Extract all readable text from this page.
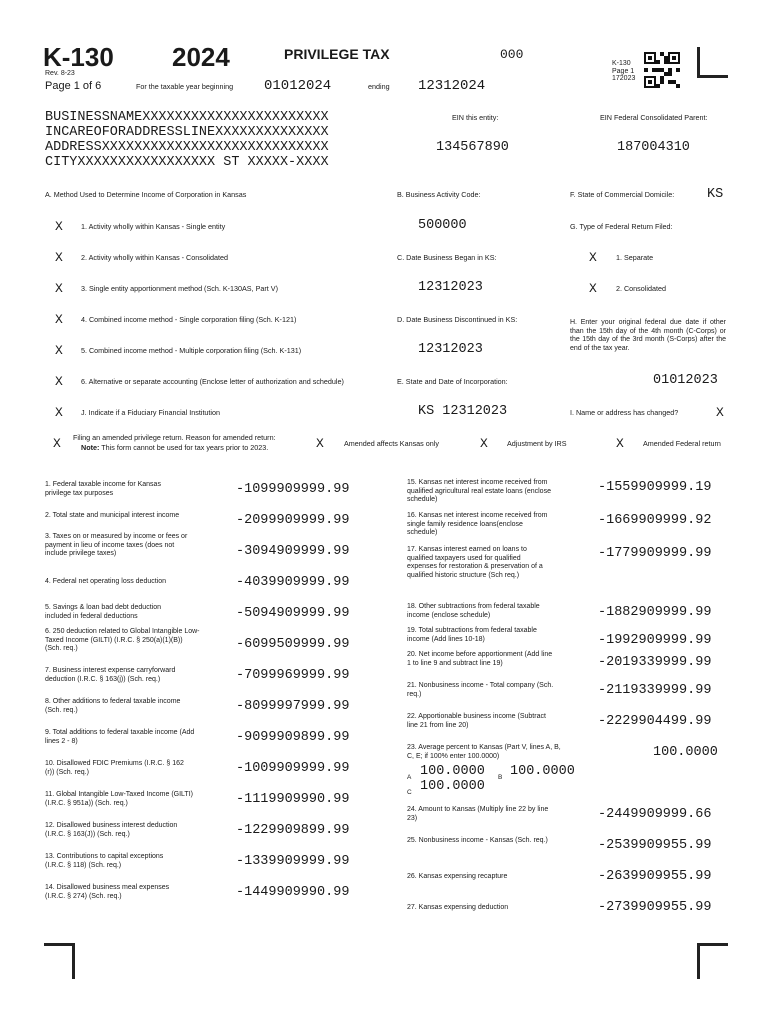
K-130
Rev. 8-23
Page 1 of 6
2024	PRIVILEGE TAX	000
For the taxable year beginning 01012024	ending 12312024
K-130
Page 1
172023
BUSINESSNAMEXXXXXXXXXXXXXXXXXXXXXXX
INCAREOFORADDRESSLINEXXXXXXXXXXXXXX
ADDRESSXXXXXXXXXXXXXXXXXXXXXXXXXXXX
CITYXXXXXXXXXXXXXXXXX ST XXXXX-XXXX
EIN this entity:
134567890
EIN Federal Consolidated Parent:
187004310
A. Method Used to Determine Income of Corporation in Kansas
X	1. Activity wholly within Kansas - Single entity
X	2. Activity wholly within Kansas - Consolidated
X	3. Single entity apportionment method (Sch. K-130AS, Part V)
X	4. Combined income method - Single corporation filing (Sch. K-121)
X	5. Combined income method - Multiple corporation filing (Sch. K-131)
X	6. Alternative or separate accounting (Enclose letter of authorization and schedule)
X	J. Indicate if a Fiduciary Financial Institution
B. Business Activity Code:
500000
C. Date Business Began in KS:
12312023
D. Date Business Discontinued in KS:
12312023
E. State and Date of Incorporation:
KS 12312023
F. State of Commercial Domicile: KS
G. Type of Federal Return Filed:
X	1. Separate
X	2. Consolidated
H. Enter your original federal due date if other than the 15th day of the 4th month (C-Corps) or the 15th day of the 3rd month (S-Corps) after the end of the tax year.
01012023
I. Name or address has changed?	X
X Filing an amended privilege return. Reason for amended return:
Note: This form cannot be used for tax years prior to 2023.	X	Amended affects Kansas only	X	Adjustment by IRS	X	Amended Federal return
1. Federal taxable income for Kansas privilege tax purposes	-1099909999.99
2. Total state and municipal interest income	-2099909999.99
3. Taxes on or measured by income or fees or payment in lieu of income taxes (does not include privilege taxes)	-3094909999.99
4. Federal net operating loss deduction	-4039909999.99
5. Savings & loan bad debt deduction included in federal deductions	-5094909999.99
6. 250 deduction related to Global Intangible Low-Taxed Income (GILTI) (I.R.C. § 250(a)(1)(B)) (Sch. req.)	-6099509999.99
7. Business interest expense carryforward deduction (I.R.C. § 163(j)) (Sch. req.)	-7099969999.99
8. Other additions to federal taxable income (Sch. req.)	-8099997999.99
9. Total additions to federal taxable income (Add lines 2 - 8)	-9099909899.99
10. Disallowed FDIC Premiums (I.R.C. § 162 (r)) (Sch. req.)	-1009909999.99
11. Global Intangible Low-Taxed Income (GILTI) (I.R.C. § 951a)) (Sch. req.)	-1119909990.99
12. Disallowed business interest deduction (I.R.C. § 163(J)) (Sch. req.)	-1229909899.99
13. Contributions to capital exceptions (I.R.C. § 118) (Sch. req.)	-1339909999.99
14. Disallowed business meal expenses (I.R.C. § 274) (Sch. req.)	-1449909990.99
15. Kansas net interest income received from qualified agricultural real estate loans (enclose schedule)
-1559909999.19
16. Kansas net interest income received from single family residence loans(enclose schedule)
-1669909999.92
17. Kansas interest earned on loans to qualified taxpayers used for qualified expenses for restoration & preservation of a qualified historic structure (Sch req.)
-1779909999.99
18. Other subtractions from federal taxable income (enclose schedule)	-1882909999.99
19. Total subtractions from federal taxable income (Add lines 10-18)	-1992909999.99
20. Net income before apportionment (Add line 1 to line 9 and subtract line 19)	-2019339999.99
21. Nonbusiness income - Total company (Sch. req.)	-2119339999.99
22. Apportionable business income (Subtract line 21 from line 20)	-2229904499.99
23. Average percent to Kansas (Part V, lines A, B, C, E; if 100% enter 100.0000)	100.0000
A 100.0000 B 100.0000
C 100.0000
24. Amount to Kansas (Multiply line 22 by line 23)	-2449909999.66
25. Nonbusiness income - Kansas (Sch. req.)	-2539909955.99
26. Kansas expensing recapture	-2639909955.99
27. Kansas expensing deduction	-2739909955.99
